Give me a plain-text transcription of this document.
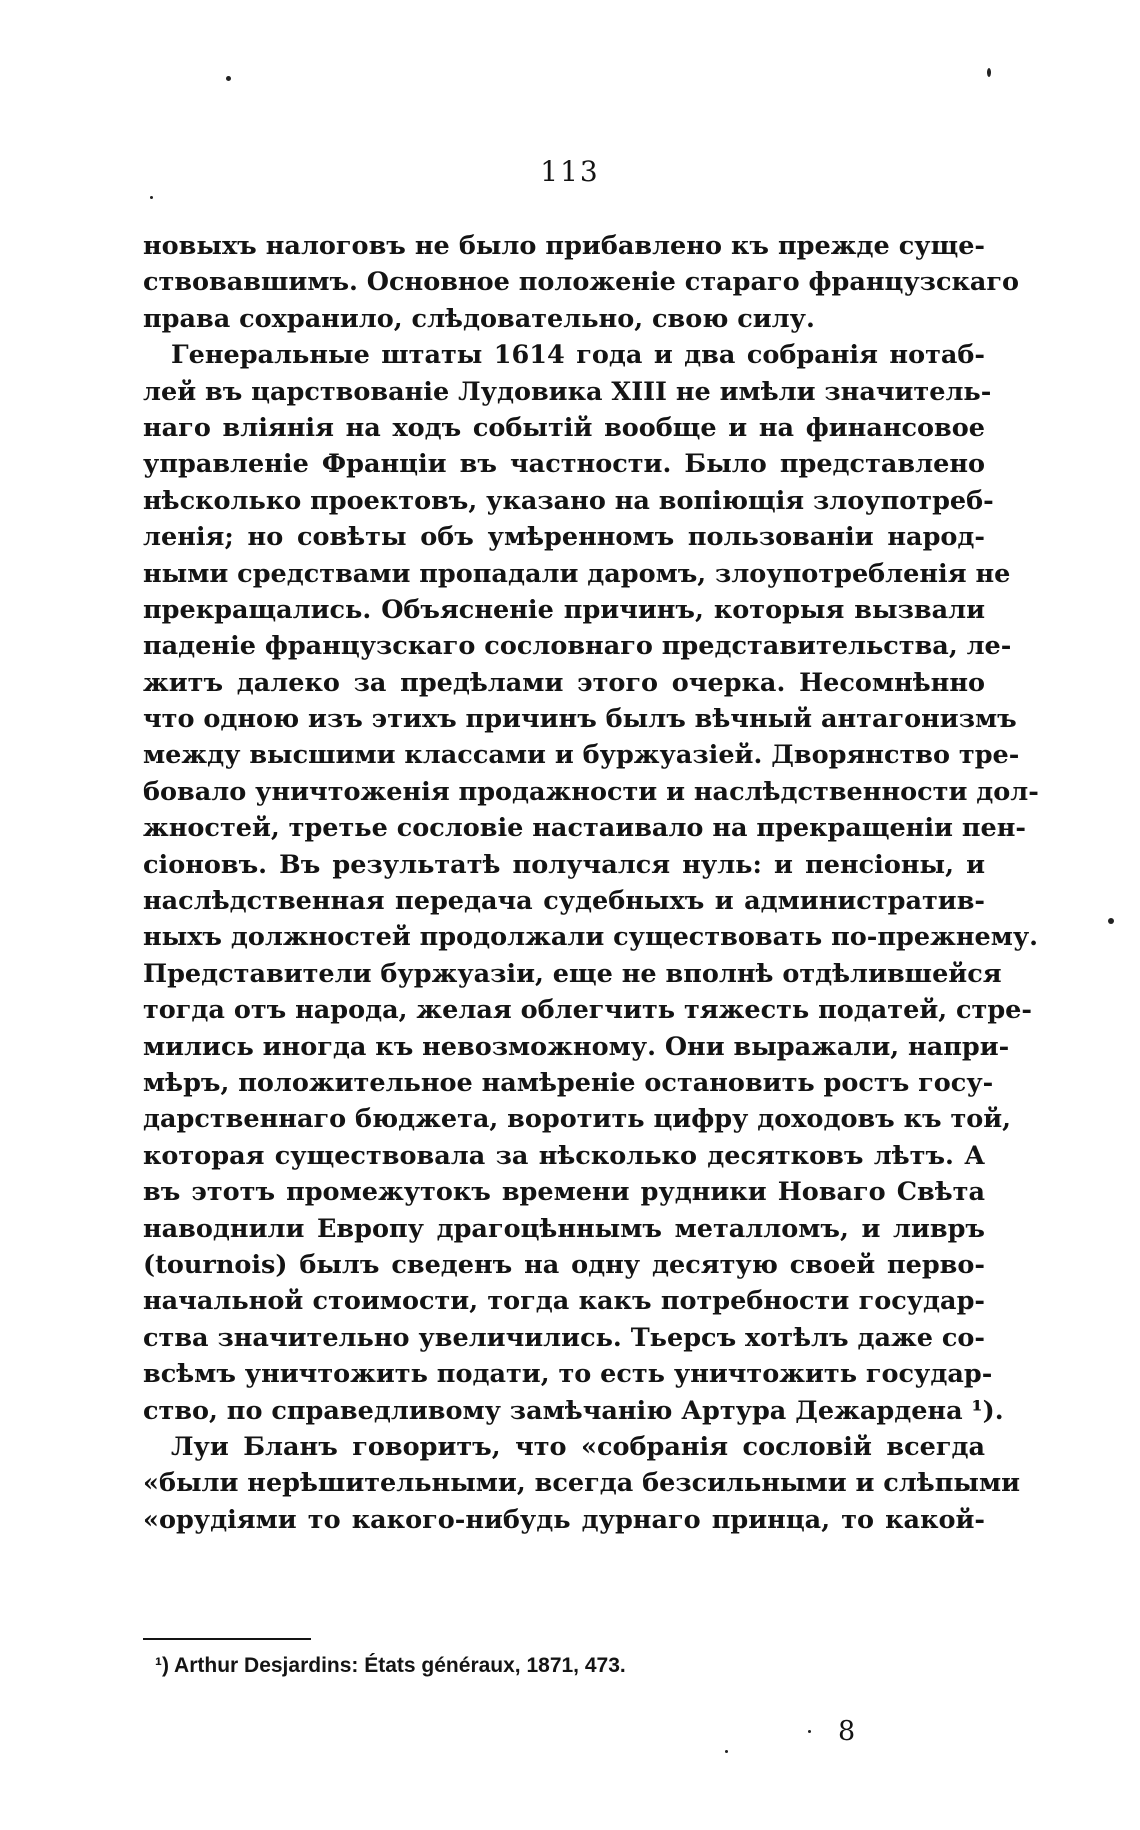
113
новыхъ налоговъ не было прибавлено къ прежде суще-
ствовавшимъ. Основное положенiе стараго французскаго
права сохранило, слѣдовательно, свою силу.
Генеральные штаты 1614 года и два собранiя нотаб-
лей въ царствованiе Лудовика XIII не имѣли значитель-
наго влiянiя на ходъ событiй вообще и на финансовое
управленiе Францiи въ частности. Было представлено
нѣсколько проектовъ, указано на вопiющiя злоупотреб-
ленiя; но совѣты объ умѣренномъ пользованiи народ-
ными средствами пропадали даромъ, злоупотребленiя не
прекращались. Объясненiе причинъ, которыя вызвали
паденiе французскаго сословнаго представительства, ле-
житъ далеко за предѣлами этого очерка. Несомнѣнно
что одною изъ этихъ причинъ былъ вѣчный антагонизмъ
между высшими классами и буржуазiей. Дворянство тре-
бовало уничтоженiя продажности и наслѣдственности дол-
жностей, третье сословiе настаивало на прекращенiи пен-
сiоновъ. Въ результатѣ получался нуль: и пенсiоны, и
наслѣдственная передача судебныхъ и административ-
ныхъ должностей продолжали существовать по-прежнему.
Представители буржуазiи, еще не вполнѣ отдѣлившейся
тогда отъ народа, желая облегчить тяжесть податей, стре-
мились иногда къ невозможному. Они выражали, напри-
мѣръ, положительное намѣренiе остановить ростъ госу-
дарственнаго бюджета, воротить цифру доходовъ къ той,
которая существовала за нѣсколько десятковъ лѣтъ. А
въ этотъ промежутокъ времени рудники Новаго Свѣта
наводнили Европу драгоцѣннымъ металломъ, и ливръ
(tournois) былъ сведенъ на одну десятую своей перво-
начальной стоимости, тогда какъ потребности государ-
ства значительно увеличились. Тьерсъ хотѣлъ даже со-
всѣмъ уничтожить подати, то есть уничтожить государ-
ство, по справедливому замѣчанiю Артура Дежардена ¹).
Луи Бланъ говоритъ, что «собранiя сословiй всегда
«были нерѣшительными, всегда безсильными и слѣпыми
«орудiями то какого-нибудь дурнаго принца, то какой-
¹) Arthur Desjardins: États généraux, 1871, 473.
8
